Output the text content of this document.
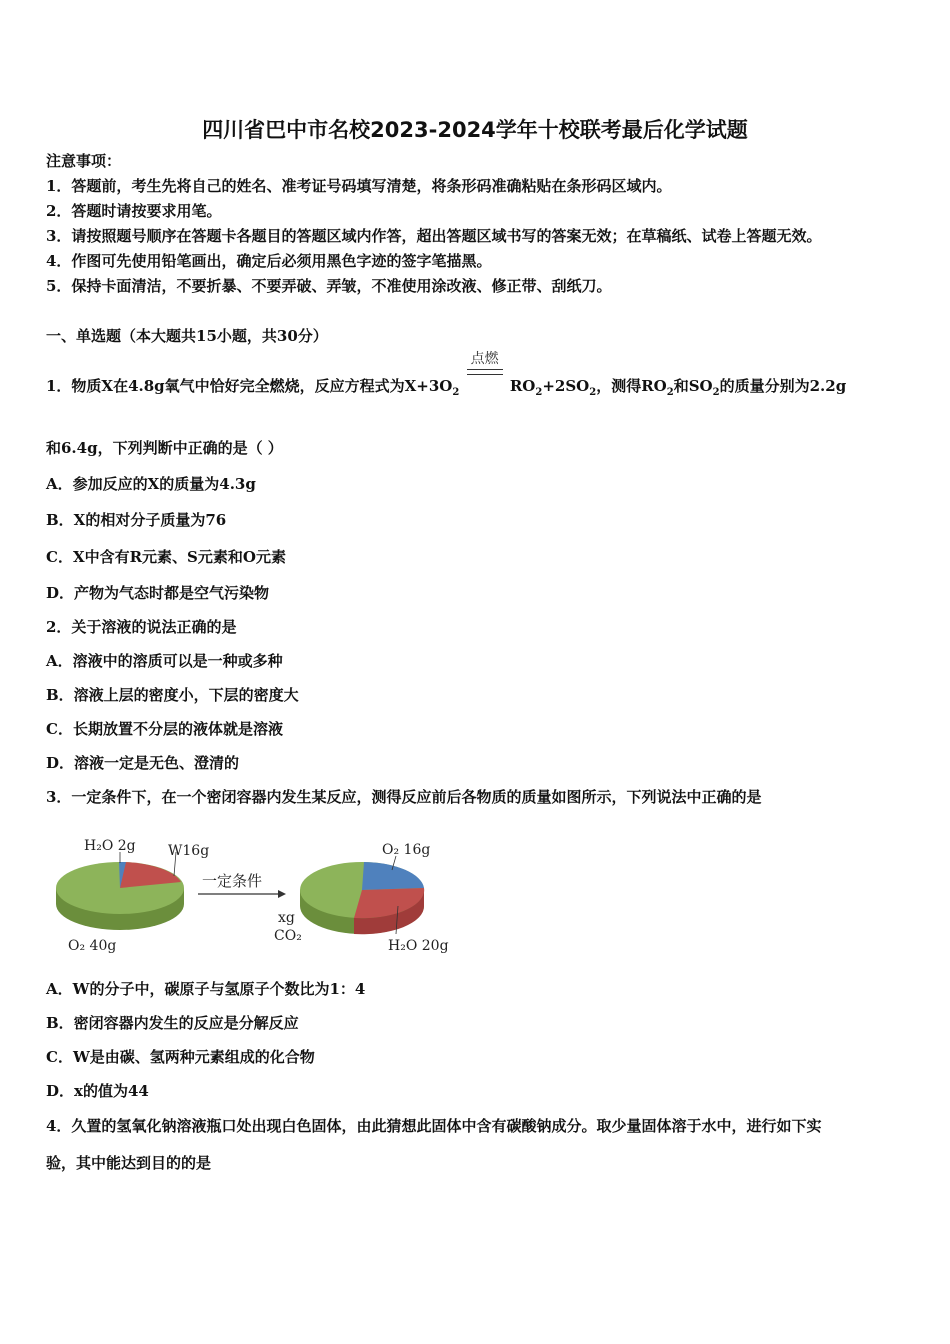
四川省巴中市名校2023-2024学年十校联考最后化学试题
注意事项：
1．答题前，考生先将自己的姓名、准考证号码填写清楚，将条形码准确粘贴在条形码区域内。
2．答题时请按要求用笔。
3．请按照题号顺序在答题卡各题目的答题区域内作答，超出答题区域书写的答案无效；在草稿纸、试卷上答题无效。
4．作图可先使用铅笔画出，确定后必须用黑色字迹的签字笔描黑。
5．保持卡面清洁，不要折暴、不要弄破、弄皱，不准使用涂改液、修正带、刮纸刀。
一、单选题（本大题共15小题，共30分）
1．物质X在4.8g氧气中恰好完全燃烧，反应方程式为$X+3O_2$
点燃
$RO_2+2SO_2$，测得$RO_2$和$SO_2$的质量分别为2.2g
和6.4g，下列判断中正确的是（ ）
A．参加反应的X的质量为4.3g
B．X的相对分子质量为76
C．X中含有R元素、S元素和O元素
D．产物为气态时都是空气污染物
2．关于溶液的说法正确的是
A．溶液中的溶质可以是一种或多种
B．溶液上层的密度小，下层的密度大
C．长期放置不分层的液体就是溶液
D．溶液一定是无色、澄清的
3．一定条件下，在一个密闭容器内发生某反应，测得反应前后各物质的质量如图所示，下列说法中正确的是
H₂O 2g W16g
O₂ 40g
一定条件
O₂ 16g
xg
CO₂
H₂O 20g
A．W的分子中，碳原子与氢原子个数比为1：4
B．密闭容器内发生的反应是分解反应
C．W是由碳、氢两种元素组成的化合物
D．x的值为44
4．久置的氢氧化钠溶液瓶口处出现白色固体，由此猜想此固体中含有碳酸钠成分。取少量固体溶于水中，进行如下实
验，其中能达到目的的是
